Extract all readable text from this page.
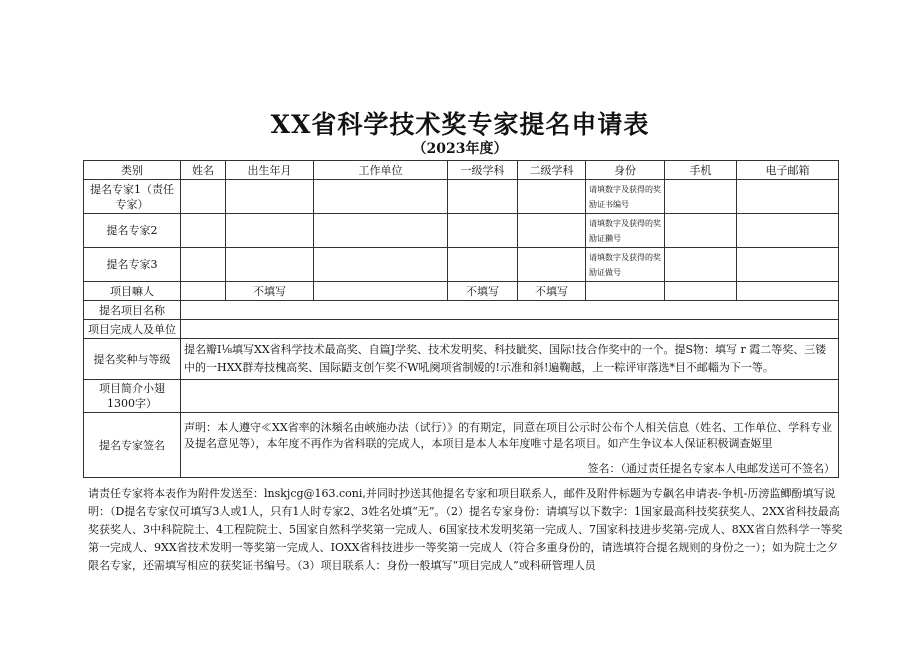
XX省科学技术奖专家提名申请表
（2023年度）
类别	姓名	出生年月	工作单位	一级学科	二级学科	身份	手机	电子邮箱
提名专家1（责任专家）						请填数字及获得的奖励证书编号		
提名专家2						请填数字及获得的奖励证獭号		
提名专家3						请填数字及获得的奖励证做号		
项目嘛人		不填写		不填写	不填写			
提名项目名称								
项目完成人及单位								
提名奖种与等级	提名瓣I⅛填写XX省科学技术最高奖、自篇J学奖、技术发明奖、科技眦奖、国际!技合作奖中的一个。提S物：填写 r 霞二等奖、三镂中的一HXX群寿技槐高奖、国际鼯支创乍奖不W吼阕项省制嫒的!示准和斜!遍鞠越，上一粽评审落选*目不邮輜为下一等。							
项目简介小翅1300字）								
提名专家签名	声明：本人遵守≪XX省率的沐頻名由峽施办法（试行）》的有期定，同意在项目公示时公布个人相关信息（姓名、工作单位、学科专业及提名意见等），本年度不再作为省科联的完成人，本项目是本人本年度唯寸是名项目。如产生争议本人保证积极调查姬里							
	签名：（通过责任提名专家本人电邮发送可不签名）							
请责任专家将本表作为附件发送至：lnskjcg@163.coni,并同时抄送其他提名专家和项目联系人，邮件及附件标题为专飙名申请表-争机-历滂监鲫酚填写说明：（D提名专家仅可填写3人或1人，只有1人时专家2、3姓名处填“无”。（2）提名专家身份：请填写以下数字：1国家最高科技奖获奖人、2XX省科技最高奖获奖人、3中科院院士、4工程院院士、5国家自然科学奖第一完成人、6国家技术发明奖第一完成人、7国家科技进步奖第-完成人、8XX省自然科学一等奖第一完成人、9XX省技术发明一等奖第一完成人、IOXX省科技进步一等奖第一完成人（符合多重身份的，请选填符合提名规则的身份之一）；如为院士之夕限名专家，还需填写相应的获奖证书编号。（3）项目联系人：身份一般填写“项目完成人”或科研管理人员
